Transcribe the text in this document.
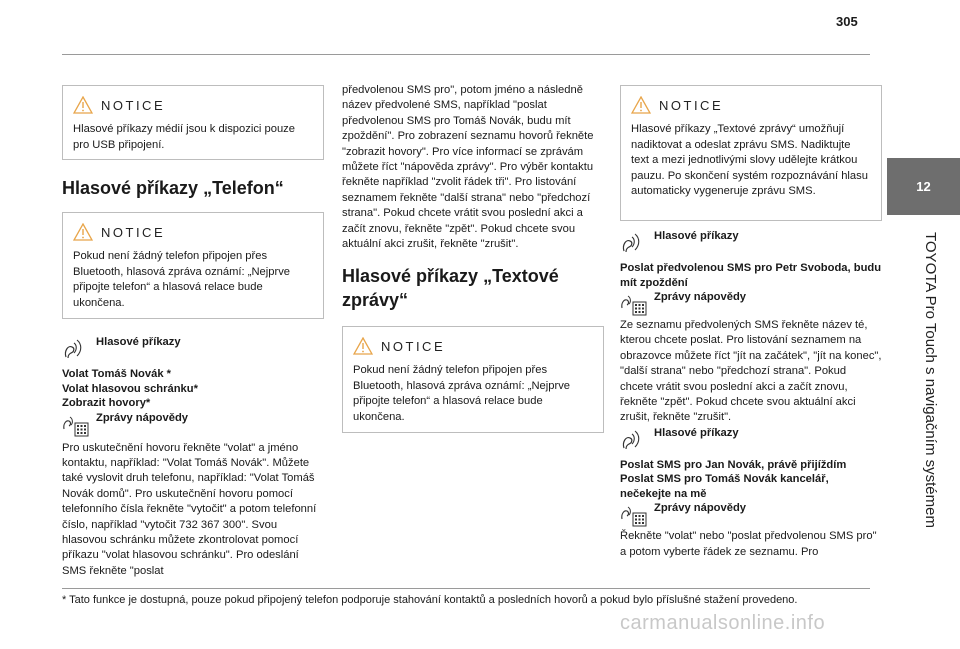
305
12
TOYOTA Pro Touch s navigačním systémem
NOTICE
Hlasové příkazy médií jsou k dispozici pouze pro USB připojení.
Hlasové příkazy „Telefon“
NOTICE
Pokud není žádný telefon připojen přes Bluetooth, hlasová zpráva oznámí: „Nejprve připojte telefon“ a hlasová relace bude ukončena.
Hlasové příkazy
Volat Tomáš Novák *
Volat hlasovou schránku*
Zobrazit hovory*
Zprávy nápovědy
Pro uskutečnění hovoru řekněte "volat" a jméno kontaktu, například: "Volat Tomáš Novák". Můžete také vyslovit druh telefonu, například: "Volat Tomáš Novák domů". Pro uskutečnění hovoru pomocí telefonního čísla řekněte "vytočit" a potom telefonní číslo, například "vytočit 732 367 300". Svou hlasovou schránku můžete zkontrolovat pomocí příkazu "volat hlasovou schránku". Pro odeslání SMS řekněte "poslat
předvolenou SMS pro", potom jméno a následně název předvolené SMS, například "poslat předvolenou SMS pro Tomáš Novák, budu mít zpoždění". Pro zobrazení seznamu hovorů řekněte "zobrazit hovory". Pro více informací se zprávám můžete říct "nápověda zprávy". Pro výběr kontaktu řekněte například "zvolit řádek tři". Pro listování seznamem řekněte "další strana" nebo "předchozí strana". Pokud chcete vrátit svou poslední akci a začít znovu, řekněte "zpět". Pokud chcete svou aktuální akci zrušit, řekněte "zrušit".
Hlasové příkazy „Textové zprávy“
NOTICE
Pokud není žádný telefon připojen přes Bluetooth, hlasová zpráva oznámí: „Nejprve připojte telefon“ a hlasová relace bude ukončena.
NOTICE
Hlasové příkazy „Textové zprávy“ umožňují nadiktovat a odeslat zprávu SMS. Nadiktujte text a mezi jednotlivými slovy udělejte krátkou pauzu. Po skončení systém rozpoznávání hlasu automaticky vygeneruje zprávu SMS.
Hlasové příkazy
Poslat předvolenou SMS pro Petr Svoboda, budu mít zpoždění
Zprávy nápovědy
Ze seznamu předvolených SMS řekněte název té, kterou chcete poslat. Pro listování seznamem na obrazovce můžete říct "jít na začátek", "jít na konec", "další strana" nebo "předchozí strana". Pokud chcete vrátit svou poslední akci a začít znovu, řekněte "zpět". Pokud chcete svou aktuální akci zrušit, řekněte "zrušit".
Hlasové příkazy
Poslat SMS pro Jan Novák, právě přijíždím
Poslat SMS pro Tomáš Novák kancelář, nečekejte na mě
Zprávy nápovědy
Řekněte "volat" nebo "poslat předvolenou SMS pro" a potom vyberte řádek ze seznamu. Pro
* Tato funkce je dostupná, pouze pokud připojený telefon podporuje stahování kontaktů a posledních hovorů a pokud bylo příslušné stažení provedeno.
carmanualsonline.info
